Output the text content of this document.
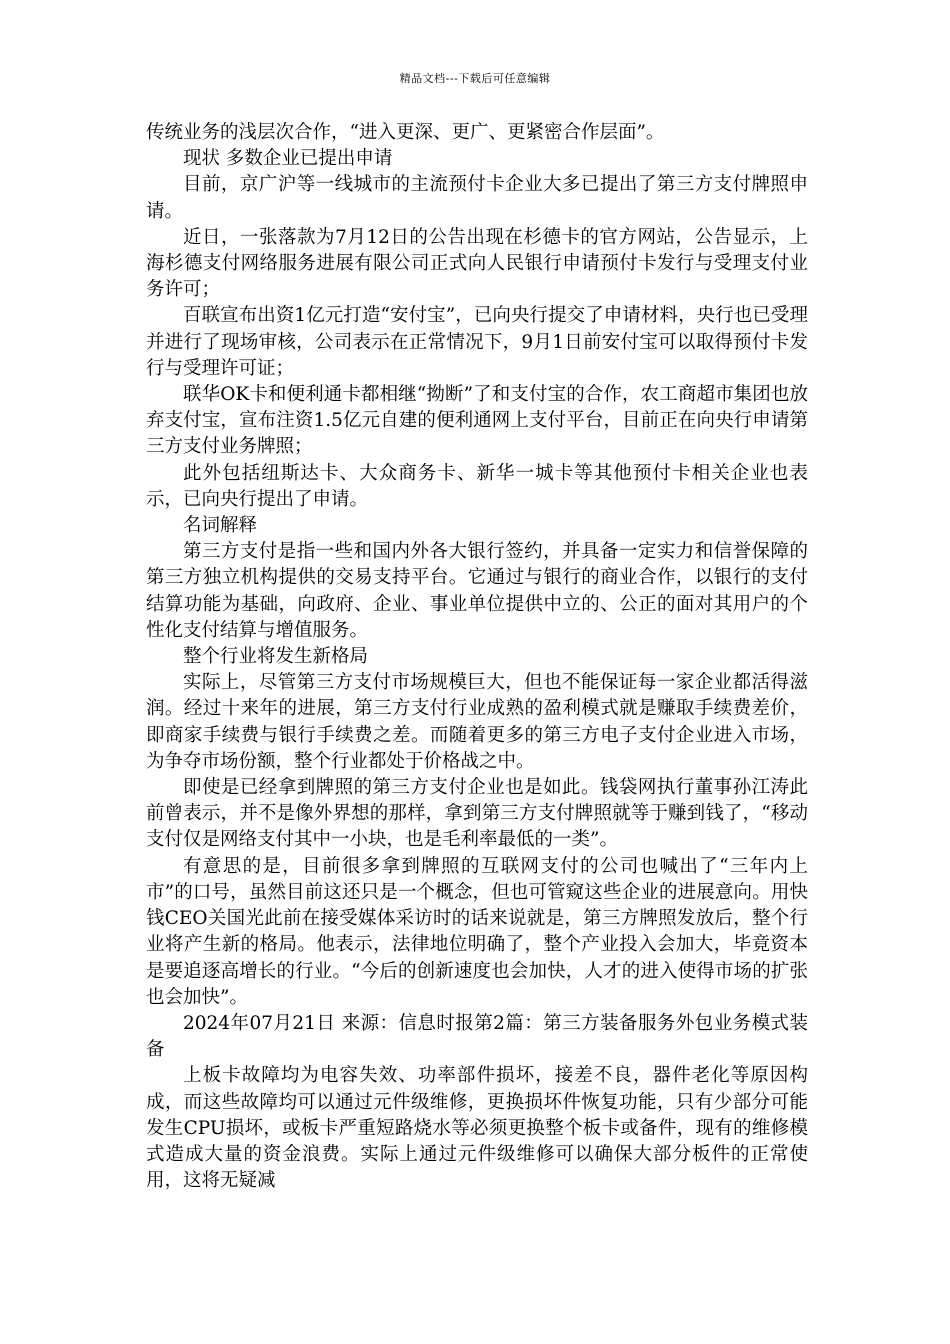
精品文档---下载后可任意编辑

传统业务的浅层次合作，“进入更深、更广、更紧密合作层面”。

现状 多数企业已提出申请

目前，京广沪等一线城市的主流预付卡企业大多已提出了第三方支付牌照申请。

近日，一张落款为7月12日的公告出现在杉德卡的官方网站，公告显示，上海杉德支付网络服务进展有限公司正式向人民银行申请预付卡发行与受理支付业务许可；

百联宣布出资1亿元打造“安付宝”，已向央行提交了申请材料，央行也已受理并进行了现场审核，公司表示在正常情况下，9月1日前安付宝可以取得预付卡发行与受理许可证；

联华OK卡和便利通卡都相继“拗断”了和支付宝的合作，农工商超市集团也放弃支付宝，宣布注资1.5亿元自建的便利通网上支付平台，目前正在向央行申请第三方支付业务牌照；

此外包括纽斯达卡、大众商务卡、新华一城卡等其他预付卡相关企业也表示，已向央行提出了申请。

名词解释

第三方支付是指一些和国内外各大银行签约，并具备一定实力和信誉保障的第三方独立机构提供的交易支持平台。它通过与银行的商业合作，以银行的支付结算功能为基础，向政府、企业、事业单位提供中立的、公正的面对其用户的个性化支付结算与增值服务。

整个行业将发生新格局

实际上，尽管第三方支付市场规模巨大，但也不能保证每一家企业都活得滋润。经过十来年的进展，第三方支付行业成熟的盈利模式就是赚取手续费差价，即商家手续费与银行手续费之差。而随着更多的第三方电子支付企业进入市场，为争夺市场份额，整个行业都处于价格战之中。

即使是已经拿到牌照的第三方支付企业也是如此。钱袋网执行董事孙江涛此前曾表示，并不是像外界想的那样，拿到第三方支付牌照就等于赚到钱了，“移动支付仅是网络支付其中一小块，也是毛利率最低的一类”。

有意思的是，目前很多拿到牌照的互联网支付的公司也喊出了“三年内上市”的口号，虽然目前这还只是一个概念，但也可管窥这些企业的进展意向。用快钱CEO关国光此前在接受媒体采访时的话来说就是，第三方牌照发放后，整个行业将产生新的格局。他表示，法律地位明确了，整个产业投入会加大，毕竟资本是要追逐高增长的行业。“今后的创新速度也会加快，人才的进入使得市场的扩张也会加快”。

2024年07月21日 来源：信息时报第2篇：第三方装备服务外包业务模式装备

上板卡故障均为电容失效、功率部件损坏，接差不良，器件老化等原因构成，而这些故障均可以通过元件级维修，更换损坏件恢复功能，只有少部分可能发生CPU损坏，或板卡严重短路烧水等必须更换整个板卡或备件，现有的维修模式造成大量的资金浪费。实际上通过元件级维修可以确保大部分板件的正常使用，这将无疑减
